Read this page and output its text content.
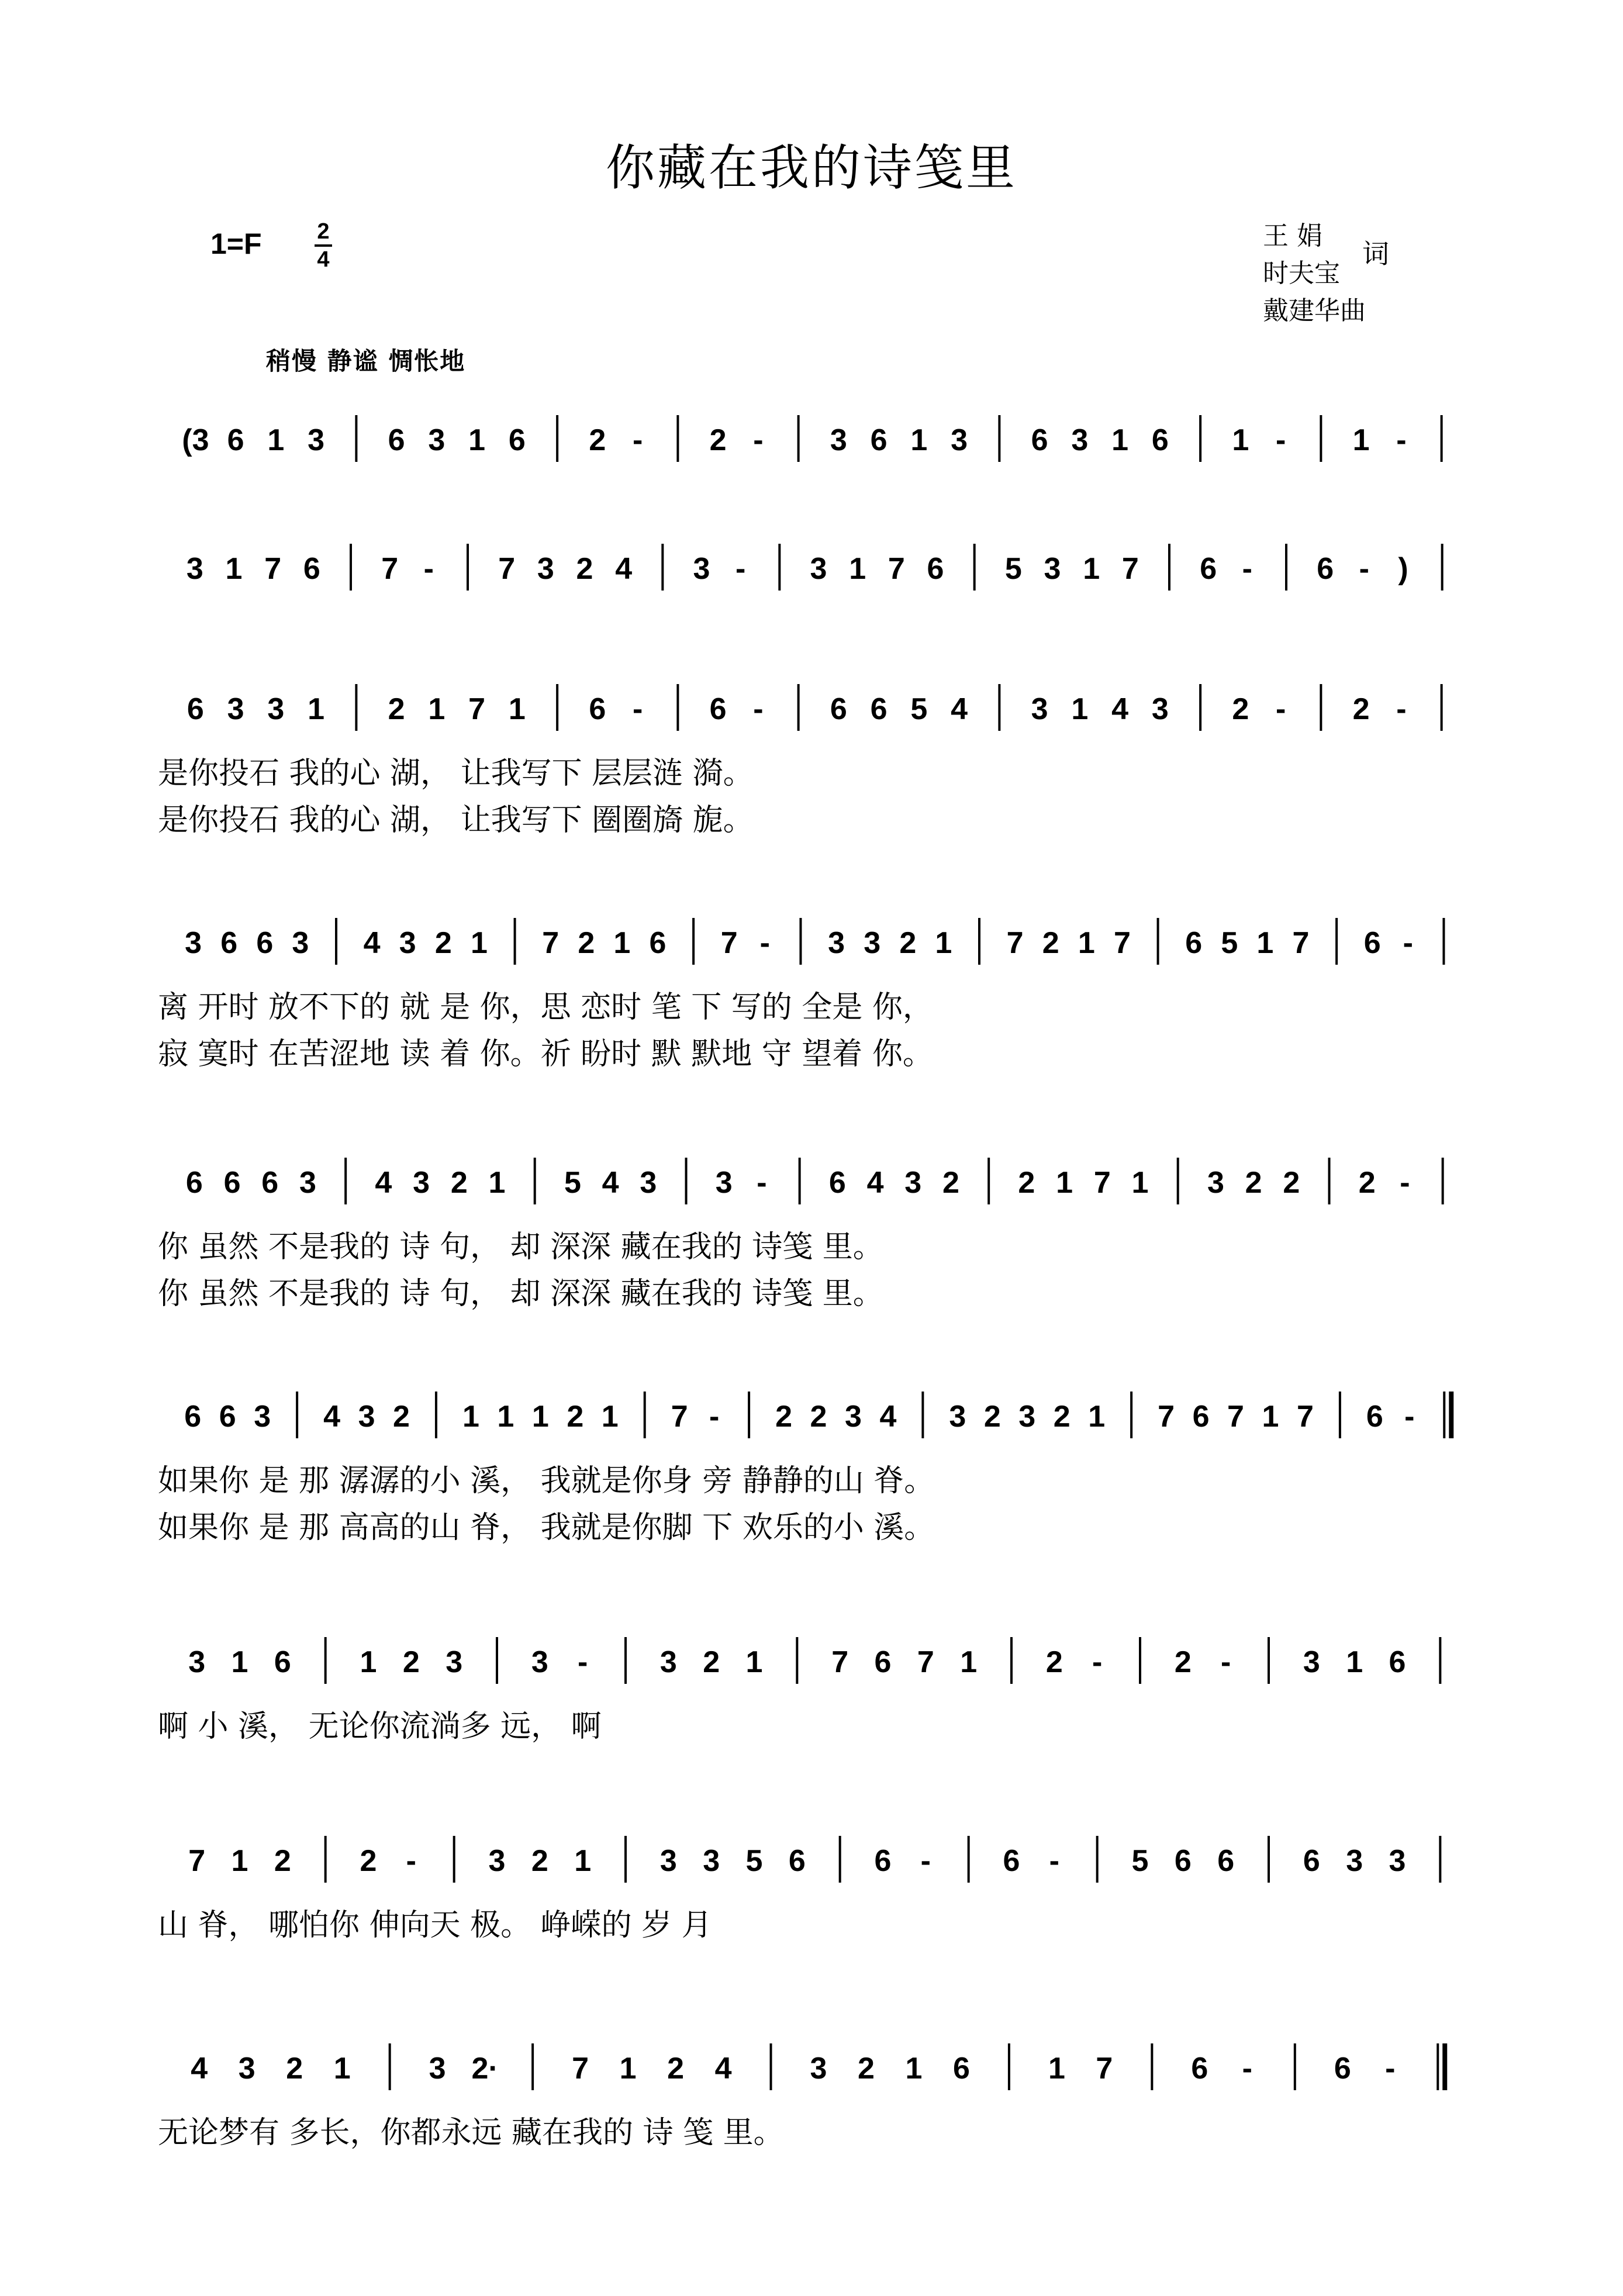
你藏在我的诗笺里
1=F 2
4
王 娟
时夫宝
词
戴建华曲
稍慢 静谧 惆怅地
(3 6 1 3 6 3 1 6 2 - 2 - 3 6 1 3 6 3 1 6 1 - 1 -
3 1 7 6 7 - 7 3 2 4 3 - 3 1 7 6 5 3 1 7 6 - 6 - )
6 3 3 1 2 1 7 1 6 - 6 - 6 6 5 4 3 1 4 3 2 - 2 -
是你投石 我的心 湖， 让我写下 层层涟 漪。
是你投石 我的心 湖， 让我写下 圈圈旖 旎。
3 6 6 3 4 3 2 1 7 2 1 6 7 - 3 3 2 1 7 2 1 7 6 5 1 7 6 -
离 开时 放不下的 就 是 你，思 恋时 笔 下 写的 全是 你，
寂 寞时 在苦涩地 读 着 你。祈 盼时 默 默地 守 望着 你。
6 6 6 3 4 3 2 1 5 4 3 3 - 6 4 3 2 2 1 7 1 3 2 2 2 -
你 虽然 不是我的 诗 句， 却 深深 藏在我的 诗笺 里。
你 虽然 不是我的 诗 句， 却 深深 藏在我的 诗笺 里。
6 6 3 4 3 2 1 1 1 2 1 7 - 2 2 3 4 3 2 3 2 1 7 6 7 1 7 6 -
如果你 是 那 潺潺的小 溪， 我就是你身 旁 静静的山 脊。
如果你 是 那 高高的山 脊， 我就是你脚 下 欢乐的小 溪。
3 1 6 1 2 3 3 - 3 2 1 7 6 7 1 2 - 2 - 3 1 6
啊 小 溪， 无论你流淌多 远， 啊
7 1 2 2 - 3 2 1 3 3 5 6 6 - 6 - 5 6 6 6 3 3
山 脊， 哪怕你 伸向天 极。 峥嵘的 岁 月
4 3 2 1	3 2· 7 1 2 4	3 2 1 6	1 7	6 -	6 -
无论梦有 多长，你都永远 藏在我的 诗 笺 里。
